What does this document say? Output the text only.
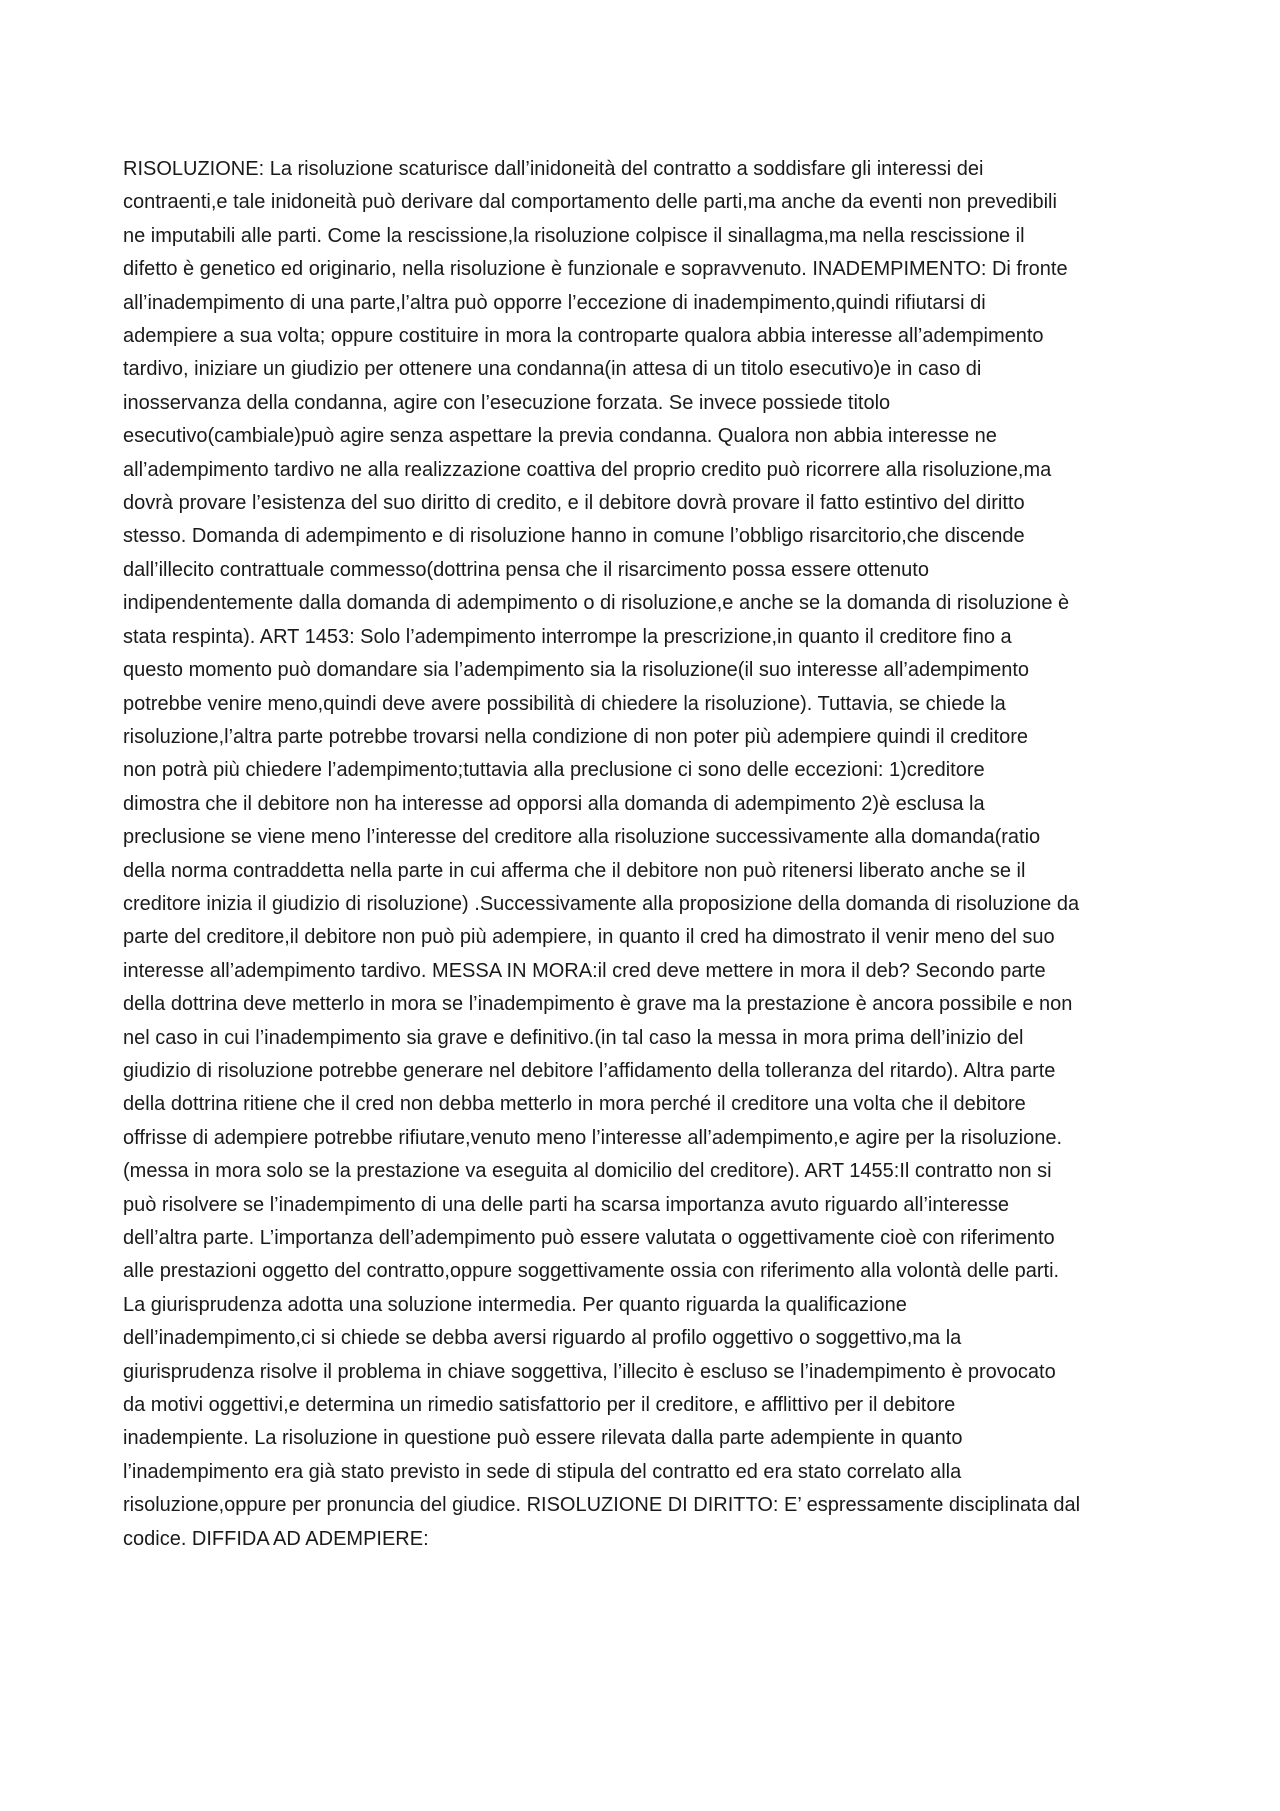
RISOLUZIONE: La risoluzione scaturisce dall’inidoneità del contratto a soddisfare gli interessi dei
contraenti,e tale inidoneità può derivare dal comportamento delle parti,ma anche da eventi non prevedibili
ne imputabili alle parti. Come la rescissione,la risoluzione colpisce il sinallagma,ma nella rescissione il
difetto è genetico ed originario, nella risoluzione è funzionale e sopravvenuto. INADEMPIMENTO: Di fronte
all’inadempimento di una parte,l’altra può opporre l’eccezione di inadempimento,quindi rifiutarsi di
adempiere a sua volta; oppure costituire in mora la controparte qualora abbia interesse all’adempimento
tardivo, iniziare un giudizio per ottenere una condanna(in attesa di un titolo esecutivo)e in caso di
inosservanza della condanna, agire con l’esecuzione forzata. Se invece possiede titolo
esecutivo(cambiale)può agire senza aspettare la previa condanna. Qualora non abbia interesse ne
all’adempimento tardivo ne alla realizzazione coattiva del proprio credito può ricorrere alla risoluzione,ma
dovrà provare l’esistenza del suo diritto di credito, e il debitore dovrà provare il fatto estintivo del diritto
stesso. Domanda di adempimento e di risoluzione hanno in comune l’obbligo risarcitorio,che discende
dall’illecito contrattuale commesso(dottrina pensa che il risarcimento possa essere ottenuto
indipendentemente dalla domanda di adempimento o di risoluzione,e anche se la domanda di risoluzione è
stata respinta). ART 1453: Solo l’adempimento interrompe la prescrizione,in quanto il creditore fino a
questo momento può domandare sia l’adempimento sia la risoluzione(il suo interesse all’adempimento
potrebbe venire meno,quindi deve avere possibilità di chiedere la risoluzione). Tuttavia, se chiede la
risoluzione,l’altra parte potrebbe trovarsi nella condizione di non poter più adempiere quindi il creditore
non potrà più chiedere l’adempimento;tuttavia alla preclusione ci sono delle eccezioni: 1)creditore
dimostra che il debitore non ha interesse ad opporsi alla domanda di adempimento 2)è esclusa la
preclusione se viene meno l’interesse del creditore alla risoluzione successivamente alla domanda(ratio
della norma contraddetta nella parte in cui afferma che il debitore non può ritenersi liberato anche se il
creditore inizia il giudizio di risoluzione) .Successivamente alla proposizione della domanda di risoluzione da
parte del creditore,il debitore non può più adempiere, in quanto il cred ha dimostrato il venir meno del suo
interesse all’adempimento tardivo. MESSA IN MORA:il cred deve mettere in mora il deb? Secondo parte
della dottrina deve metterlo in mora se l’inadempimento è grave ma la prestazione è ancora possibile e non
nel caso in cui l’inadempimento sia grave e definitivo.(in tal caso la messa in mora prima dell’inizio del
giudizio di risoluzione potrebbe generare nel debitore l’affidamento della tolleranza del ritardo). Altra parte
della dottrina ritiene che il cred non debba metterlo in mora perché il creditore una volta che il debitore
offrisse di adempiere potrebbe rifiutare,venuto meno l’interesse all’adempimento,e agire per la risoluzione.
(messa in mora solo se la prestazione va eseguita al domicilio del creditore). ART 1455:Il contratto non si
può risolvere se l’inadempimento di una delle parti ha scarsa importanza avuto riguardo all’interesse
dell’altra parte. L’importanza dell’adempimento può essere valutata o oggettivamente cioè con riferimento
alle prestazioni oggetto del contratto,oppure soggettivamente ossia con riferimento alla volontà delle parti.
La giurisprudenza adotta una soluzione intermedia. Per quanto riguarda la qualificazione
dell’inadempimento,ci si chiede se debba aversi riguardo al profilo oggettivo o soggettivo,ma la
giurisprudenza risolve il problema in chiave soggettiva, l’illecito è escluso se l’inadempimento è provocato
da motivi oggettivi,e determina un rimedio satisfattorio per il creditore, e afflittivo per il debitore
inadempiente. La risoluzione in questione può essere rilevata dalla parte adempiente in quanto
l’inadempimento era già stato previsto in sede di stipula del contratto ed era stato correlato alla
risoluzione,oppure per pronuncia del giudice. RISOLUZIONE DI DIRITTO: E’ espressamente disciplinata dal
codice. DIFFIDA AD ADEMPIERE:
